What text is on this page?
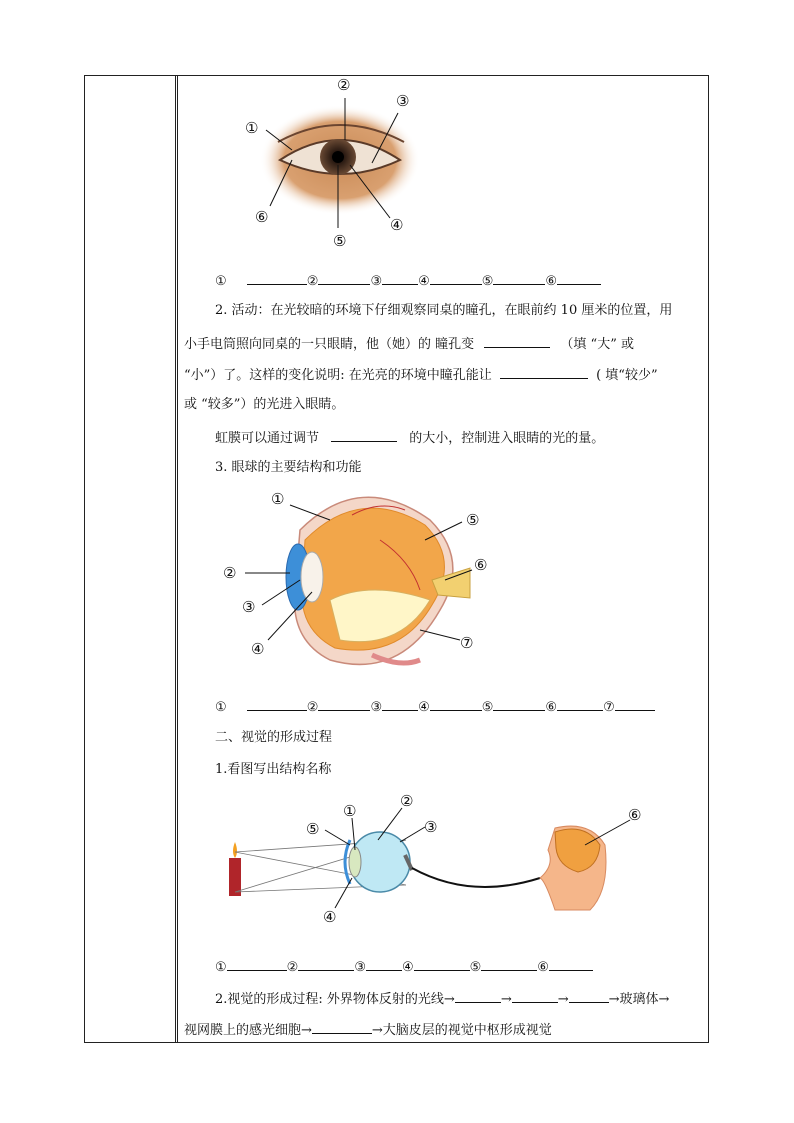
①
②
③
④
⑤
⑥
①	②	③	④	⑤	⑥
2. 活动：在光较暗的环境下仔细观察同桌的瞳孔，在眼前约 10 厘米的位置，用
小手电筒照向同桌的一只眼睛，他（她）的 瞳孔变	（填 “大” 或
“小”）了。这样的变化说明: 在光亮的环境中瞳孔能让	( 填“较少”
或 “较多”）的光进入眼睛。
虹膜可以通过调节	的大小，控制进入眼睛的光的量。
3. 眼球的主要结构和功能
①
②
③
④
⑤
⑥
⑦
①	②	③	④	⑤	⑥	⑦
二、视觉的形成过程
1.看图写出结构名称
①
②
③
④
⑤
⑥
①	②	③	④	⑤	⑥
2.视觉的形成过程: 外界物体反射的光线→	→	→	→玻璃体→
视网膜上的感光细胞→	→大脑皮层的视觉中枢形成视觉
